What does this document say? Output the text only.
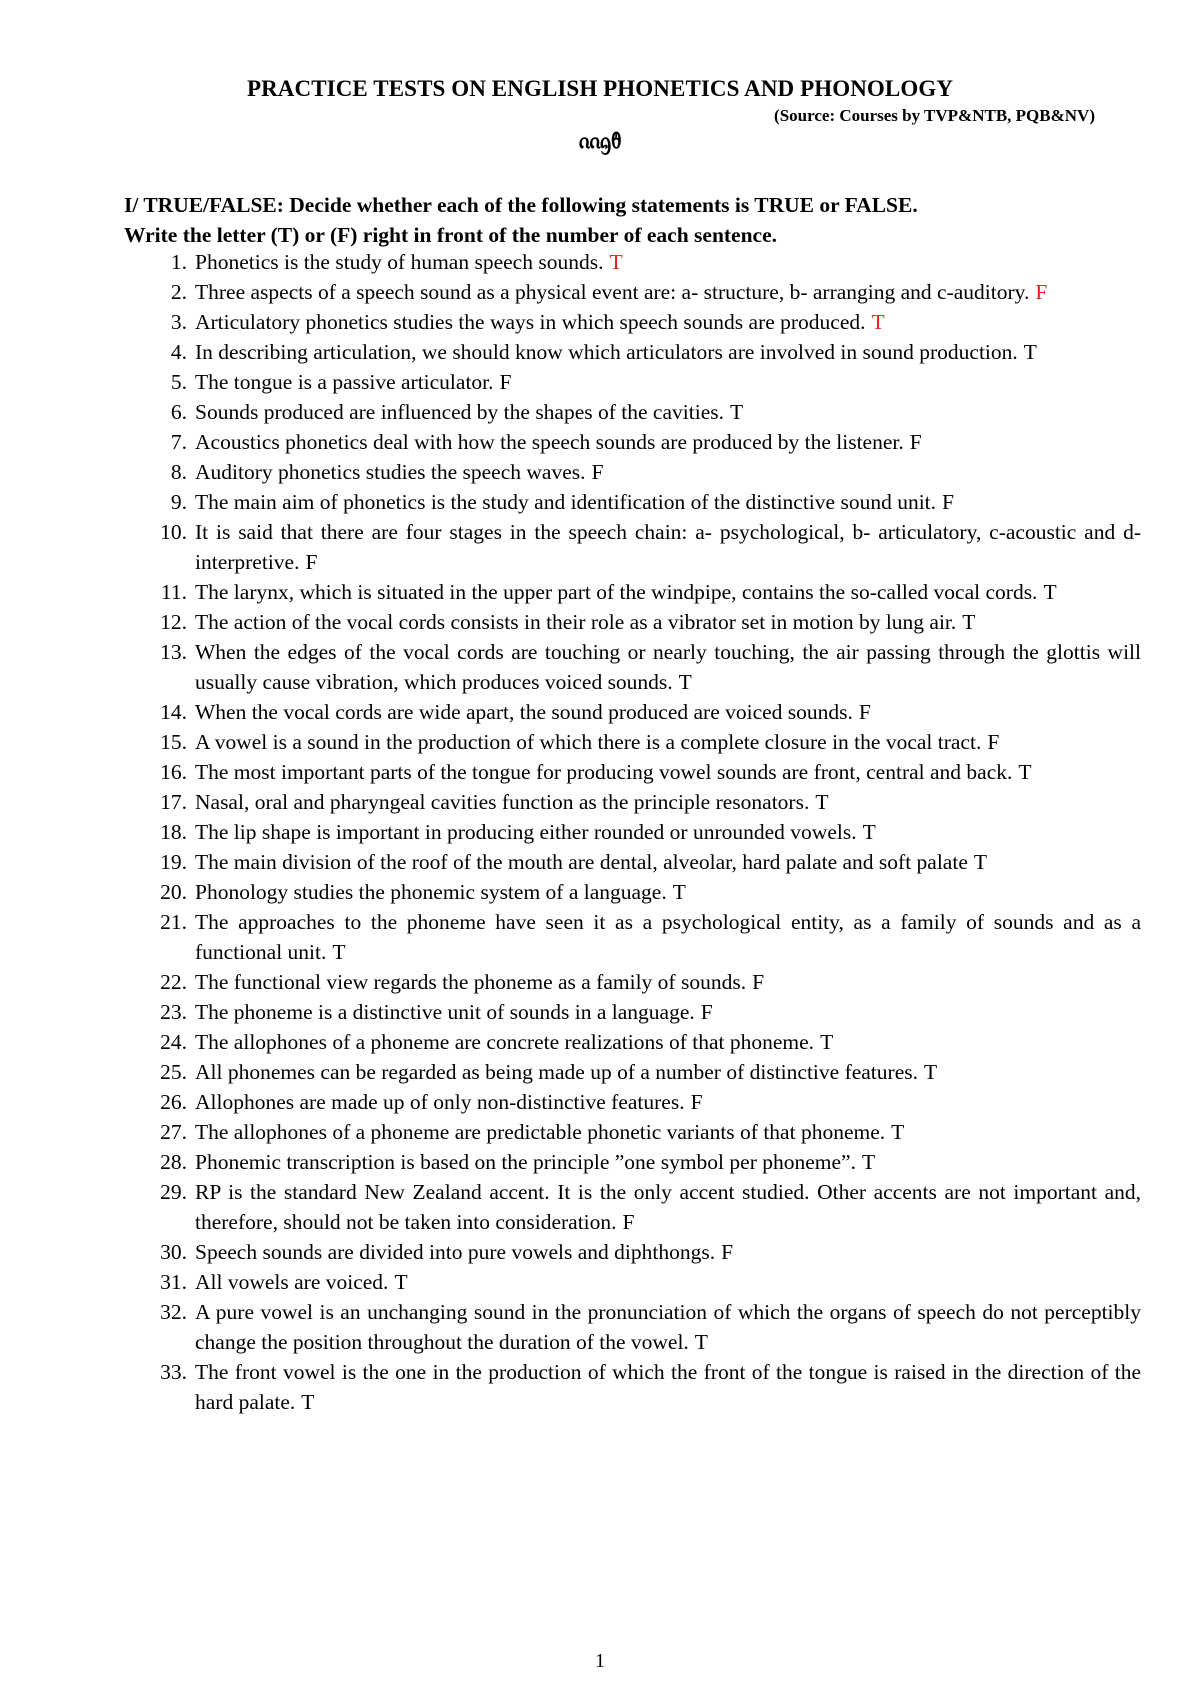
PRACTICE TESTS ON ENGLISH PHONETICS AND PHONOLOGY
(Source: Courses by TVP&NTB, PQB&NV)
ᦶᦇᦹ
I/ TRUE/FALSE: Decide whether each of the following statements is TRUE or FALSE.
Write the letter (T) or (F) right in front of the number of each sentence.
1. Phonetics is the study of human speech sounds. T
2. Three aspects of a speech sound as a physical event are: a- structure, b- arranging and c-auditory. F
3. Articulatory phonetics studies the ways in which speech sounds are produced. T
4. In describing articulation, we should know which articulators are involved in sound production. T
5. The tongue is a passive articulator. F
6. Sounds produced are influenced by the shapes of the cavities. T
7. Acoustics phonetics deal with how the speech sounds are produced by the listener. F
8. Auditory phonetics studies the speech waves. F
9. The main aim of phonetics is the study and identification of the distinctive sound unit. F
10. It is said that there are four stages in the speech chain: a- psychological, b- articulatory, c-acoustic and d- interpretive. F
11. The larynx, which is situated in the upper part of the windpipe, contains the so-called vocal cords. T
12. The action of the vocal cords consists in their role as a vibrator set in motion by lung air. T
13. When the edges of the vocal cords are touching or nearly touching, the air passing through the glottis will usually cause vibration, which produces voiced sounds. T
14. When the vocal cords are wide apart, the sound produced are voiced sounds. F
15. A vowel is a sound in the production of which there is a complete closure in the vocal tract. F
16. The most important parts of the tongue for producing vowel sounds are front, central and back. T
17. Nasal, oral and pharyngeal cavities function as the principle resonators. T
18. The lip shape is important in producing either rounded or unrounded vowels. T
19. The main division of the roof of the mouth are dental, alveolar, hard palate and soft palate T
20. Phonology studies the phonemic system of a language. T
21. The approaches to the phoneme have seen it as a psychological entity, as a family of sounds and as a functional unit. T
22. The functional view regards the phoneme as a family of sounds. F
23. The phoneme is a distinctive unit of sounds in a language. F
24. The allophones of a phoneme are concrete realizations of that phoneme. T
25. All phonemes can be regarded as being made up of a number of distinctive features. T
26. Allophones are made up of only non-distinctive features. F
27. The allophones of a phoneme are predictable phonetic variants of that phoneme. T
28. Phonemic transcription is based on the principle ”one symbol per phoneme”. T
29. RP is the standard New Zealand accent. It is the only accent studied. Other accents are not important and, therefore, should not be taken into consideration. F
30. Speech sounds are divided into pure vowels and diphthongs. F
31. All vowels are voiced. T
32. A pure vowel is an unchanging sound in the pronunciation of which the organs of speech do not perceptibly change the position throughout the duration of the vowel. T
33. The front vowel is the one in the production of which the front of the tongue is raised in the direction of the hard palate. T
1
